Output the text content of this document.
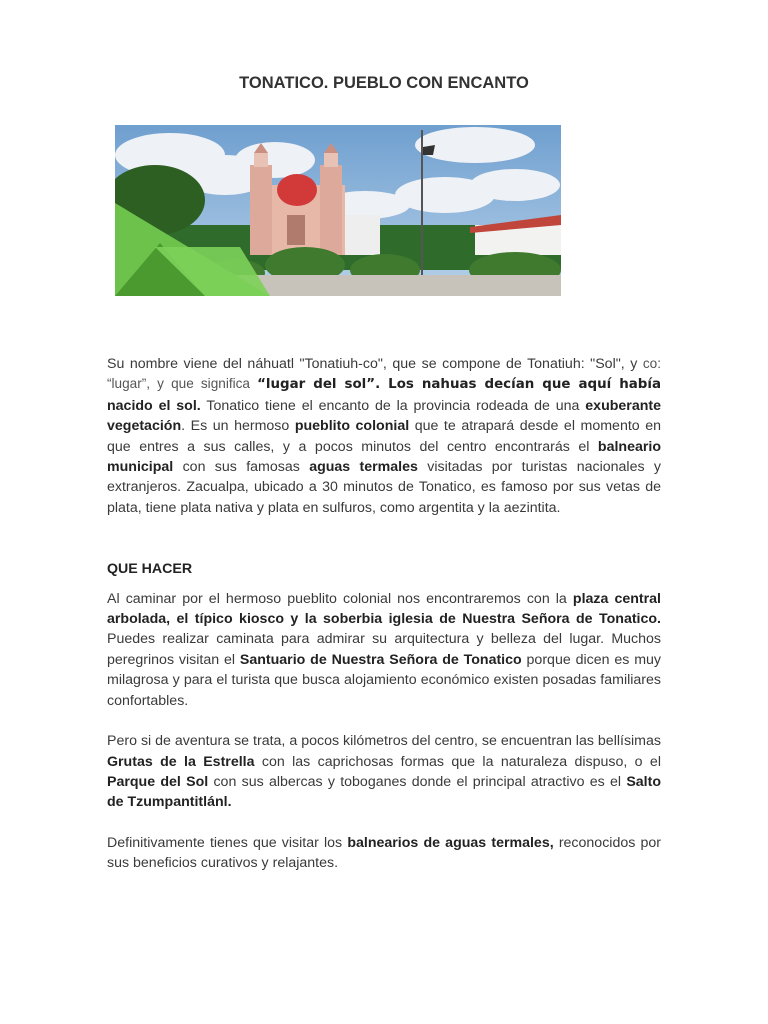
TONATICO. PUEBLO CON ENCANTO

Su nombre viene del náhuatl "Tonatiuh-co", que se compone de Tonatiuh: "Sol", y co: “lugar”, y que significa “lugar del sol”. Los nahuas decían que aquí había nacido el sol. Tonatico tiene el encanto de la provincia rodeada de una exuberante vegetación. Es un hermoso pueblito colonial que te atrapará desde el momento en que entres a sus calles, y a pocos minutos del centro encontrarás el balneario municipal con sus famosas aguas termales visitadas por turistas nacionales y extranjeros. Zacualpa, ubicado a 30 minutos de Tonatico, es famoso por sus vetas de plata, tiene plata nativa y plata en sulfuros, como argentita y la aezintita.

QUE HACER

Al caminar por el hermoso pueblito colonial nos encontraremos con la plaza central arbolada, el típico kiosco y la soberbia iglesia de Nuestra Señora de Tonatico. Puedes realizar caminata para admirar su arquitectura y belleza del lugar. Muchos peregrinos visitan el Santuario de Nuestra Señora de Tonatico porque dicen es muy milagrosa y para el turista que busca alojamiento económico existen posadas familiares confortables.

Pero si de aventura se trata, a pocos kilómetros del centro, se encuentran las bellísimas Grutas de la Estrella con las caprichosas formas que la naturaleza dispuso, o el Parque del Sol con sus albercas y toboganes donde el principal atractivo es el Salto de Tzumpantitlánl.

Definitivamente tienes que visitar los balnearios de aguas termales, reconocidos por sus beneficios curativos y relajantes.
